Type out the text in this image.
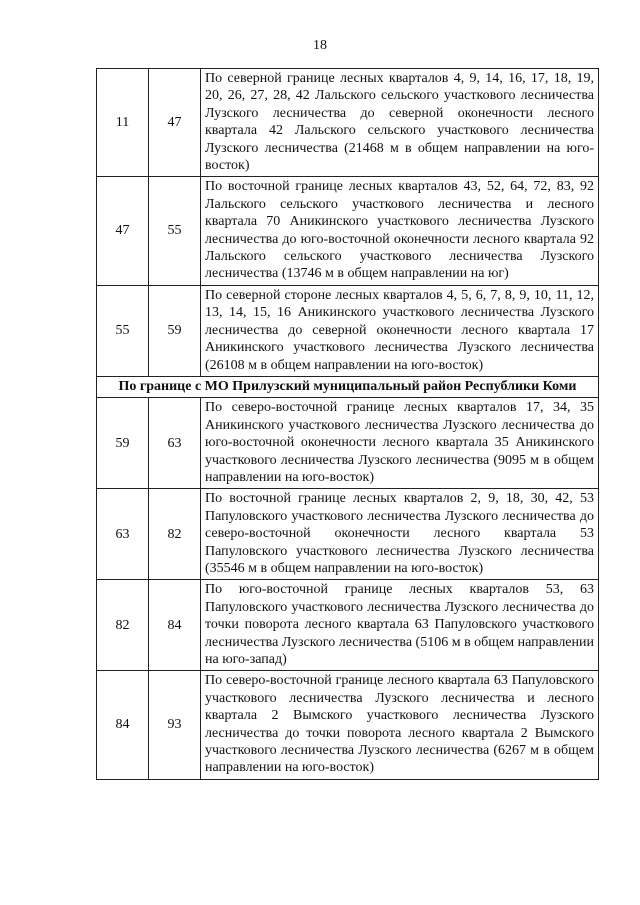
18
11	47	По северной границе лесных кварталов 4, 9, 14, 16, 17, 18, 19, 20, 26, 27, 28, 42 Лальского сельского участкового лесничества Лузского лесничества до северной оконечности лесного квартала 42 Лальского сельского участкового лесничества Лузского лесничества (21468 м в общем направлении на юго-восток)
47	55	По восточной границе лесных кварталов 43, 52, 64, 72, 83, 92 Лальского сельского участкового лесничества и лесного квартала 70 Аникинского участкового лесничества Лузского лесничества до юго-восточной оконечности лесного квартала 92 Лальского сельского участкового лесничества Лузского лесничества (13746 м в общем направлении на юг)
55	59	По северной стороне лесных кварталов 4, 5, 6, 7, 8, 9, 10, 11, 12, 13, 14, 15, 16 Аникинского участкового лесничества Лузского лесничества до северной оконечности лесного квартала 17 Аникинского участкового лесничества Лузского лесничества (26108 м в общем направлении на юго-восток)
По границе с МО Прилузский муниципальный район Республики Коми		
59	63	По северо-восточной границе лесных кварталов 17, 34, 35 Аникинского участкового лесничества Лузского лесничества до юго-восточной оконечности лесного квартала 35 Аникинского участкового лесничества Лузского лесничества (9095 м в общем направлении на юго-восток)
63	82	По восточной границе лесных кварталов 2, 9, 18, 30, 42, 53 Папуловского участкового лесничества Лузского лесничества до северо-восточной оконечности лесного квартала 53 Папуловского участкового лесничества Лузского лесничества (35546 м в общем направлении на юго-восток)
82	84	По юго-восточной границе лесных кварталов 53, 63 Папуловского участкового лесничества Лузского лесничества до точки поворота лесного квартала 63 Папуловского участкового лесничества Лузского лесничества (5106 м в общем направлении на юго-запад)
84	93	По северо-восточной границе лесного квартала 63 Папуловского участкового лесничества Лузского лесничества и лесного квартала 2 Вымского участкового лесничества Лузского лесничества до точки поворота лесного квартала 2 Вымского участкового лесничества Лузского лесничества (6267 м в общем направлении на юго-восток)
